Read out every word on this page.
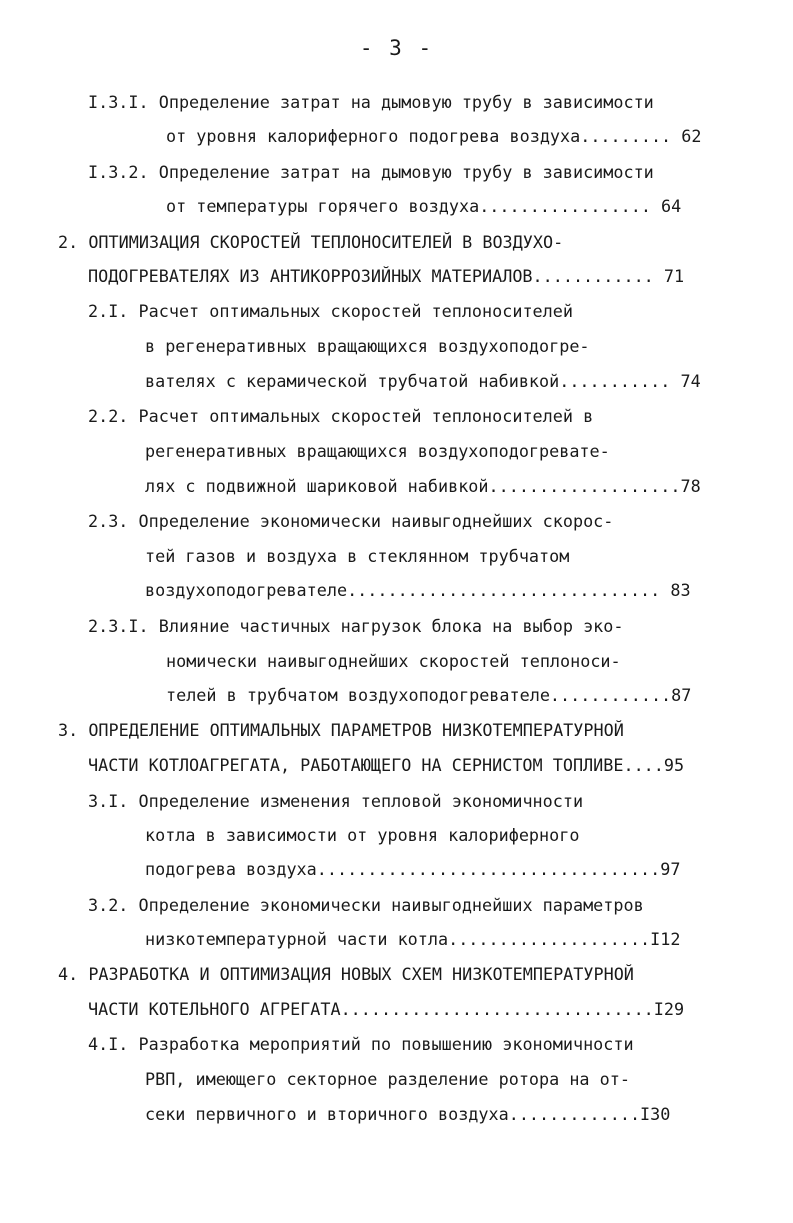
- 3 -
I.3.I. Определение затрат на дымовую трубу в зависимости
от уровня калориферного подогрева воздуха......... 62
I.3.2. Определение затрат на дымовую трубу в зависимости
от температуры горячего воздуха................. 64
2. ОПТИМИЗАЦИЯ СКОРОСТЕЙ ТЕПЛОНОСИТЕЛЕЙ В ВОЗДУХО-
ПОДОГРЕВАТЕЛЯХ ИЗ АНТИКОРРОЗИЙНЫХ МАТЕРИАЛОВ............ 71
2.I. Расчет оптимальных скоростей теплоносителей
в регенеративных вращающихся воздухоподогре-
вателях с керамической трубчатой набивкой........... 74
2.2. Расчет оптимальных скоростей теплоносителей в
регенеративных вращающихся воздухоподогревате-
лях с подвижной шариковой набивкой...................78
2.3. Определение экономически наивыгоднейших скорос-
тей газов и воздуха в стеклянном трубчатом
воздухоподогревателе............................... 83
2.3.I. Влияние частичных нагрузок блока на выбор эко-
номически наивыгоднейших скоростей теплоноси-
телей в трубчатом воздухоподогревателе............87
3. ОПРЕДЕЛЕНИЕ ОПТИМАЛЬНЫХ ПАРАМЕТРОВ НИЗКОТЕМПЕРАТУРНОЙ
ЧАСТИ КОТЛОАГРЕГАТА, РАБОТАЮЩЕГО НА СЕРНИСТОМ ТОПЛИВЕ....95
3.I. Определение изменения тепловой экономичности
котла в зависимости от уровня калориферного
подогрева воздуха..................................97
3.2. Определение экономически наивыгоднейших параметров
низкотемпературной части котла....................I12
4. РАЗРАБОТКА И ОПТИМИЗАЦИЯ НОВЫХ СХЕМ НИЗКОТЕМПЕРАТУРНОЙ
ЧАСТИ КОТЕЛЬНОГО АГРЕГАТА...............................I29
4.I. Разработка мероприятий по повышению экономичности
РВП, имеющего секторное разделение ротора на от-
секи первичного и вторичного воздуха.............I30
